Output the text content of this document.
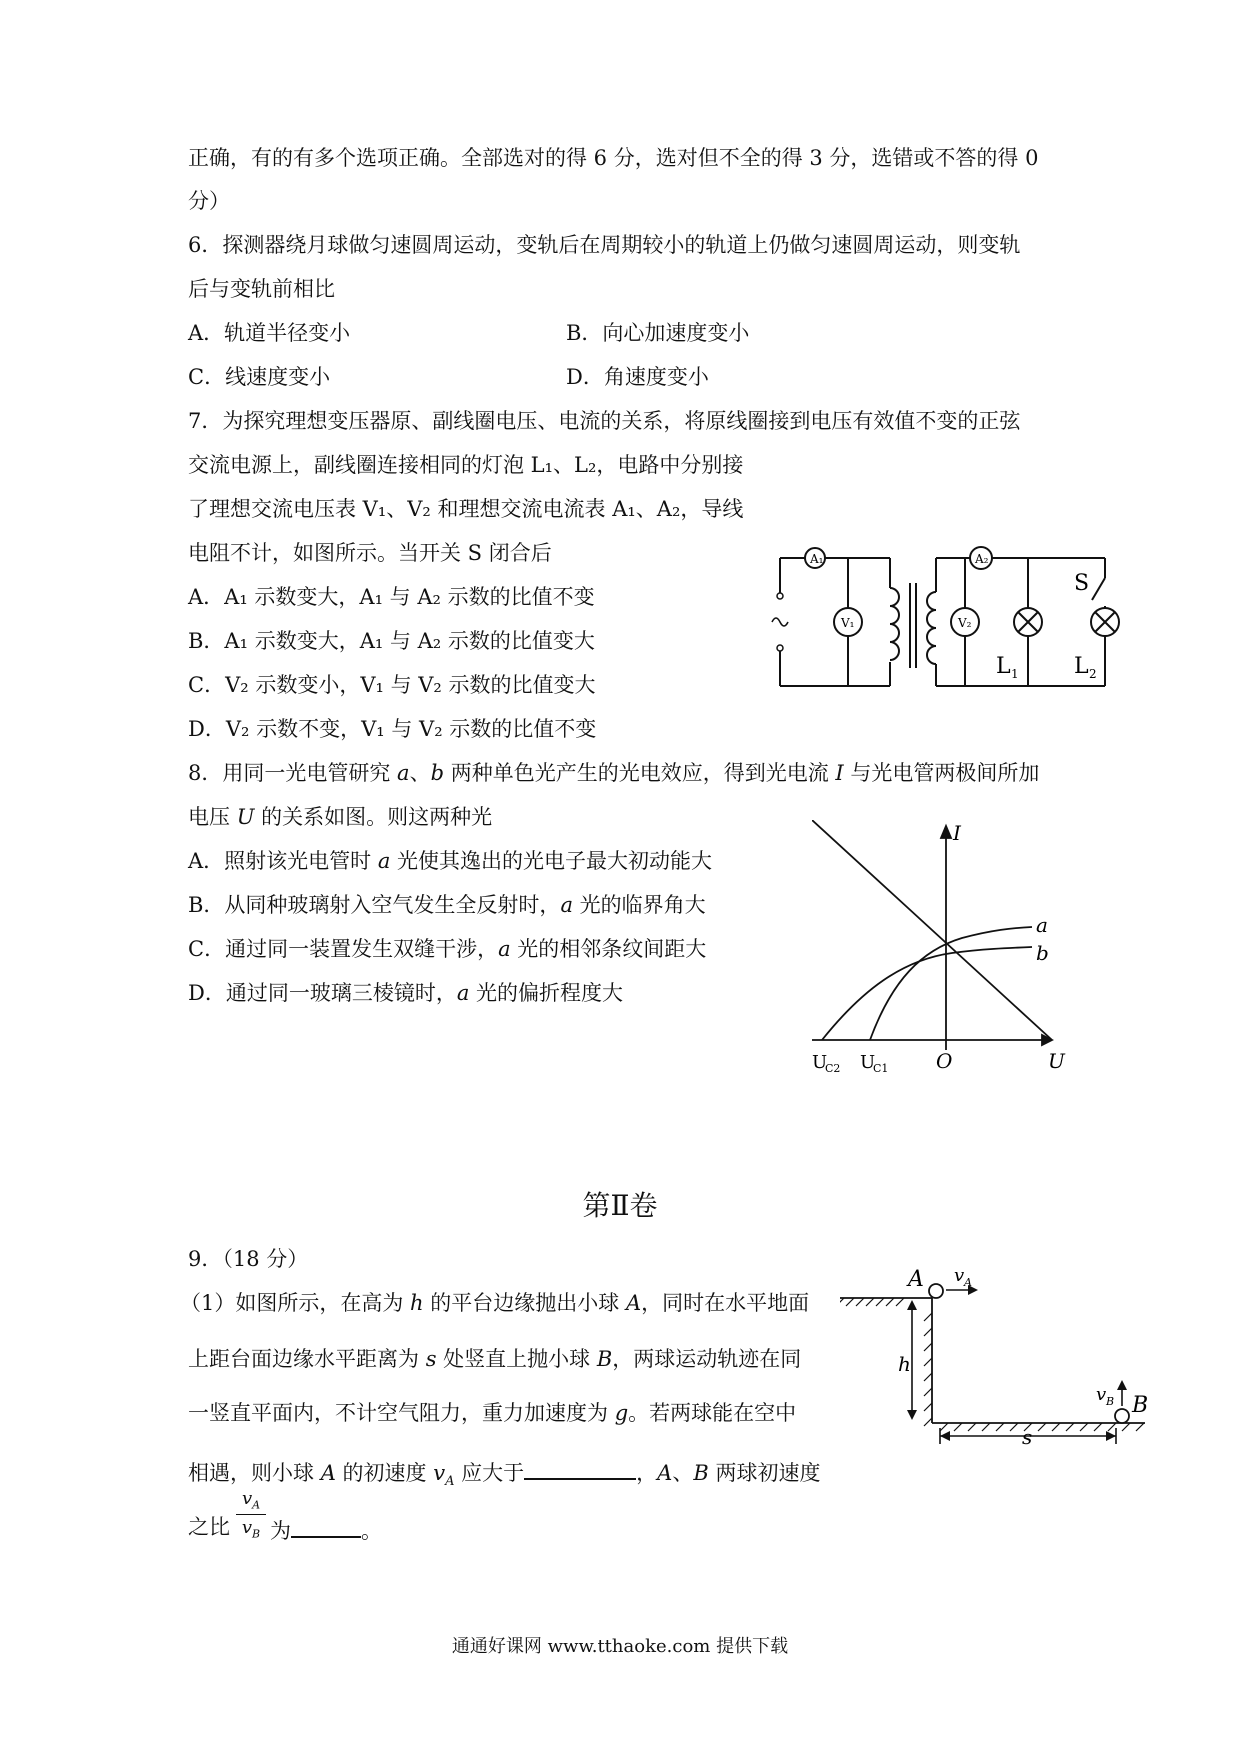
正确，有的有多个选项正确。全部选对的得 6 分，选对但不全的得 3 分，选错或不答的得 0
分）
6．探测器绕月球做匀速圆周运动，变轨后在周期较小的轨道上仍做匀速圆周运动，则变轨
后与变轨前相比
A．轨道半径变小	B．向心加速度变小
C．线速度变小	D．角速度变小
7．为探究理想变压器原、副线圈电压、电流的关系，将原线圈接到电压有效值不变的正弦
交流电源上，副线圈连接相同的灯泡 L₁、L₂，电路中分别接
了理想交流电压表 V₁、V₂ 和理想交流电流表 A₁、A₂，导线
电阻不计，如图所示。当开关 S 闭合后
A．A₁ 示数变大，A₁ 与 A₂ 示数的比值不变
B．A₁ 示数变大，A₁ 与 A₂ 示数的比值变大
C．V₂ 示数变小，V₁ 与 V₂ 示数的比值变大
D．V₂ 示数不变，V₁ 与 V₂ 示数的比值不变
A₁
V₁
A₂
V₂
S
L 1	L 2
8．用同一光电管研究 a、b 两种单色光产生的光电效应，得到光电流 I 与光电管两极间所加
电压 U 的关系如图。则这两种光
A．照射该光电管时 a 光使其逸出的光电子最大初动能大
B．从同种玻璃射入空气发生全反射时，a 光的临界角大
C．通过同一装置发生双缝干涉，a 光的相邻条纹间距大
D．通过同一玻璃三棱镜时，a 光的偏折程度大
I
U
O
a
b
U
C2 U
C1
第Ⅱ卷
9．（18 分）
（1）如图所示，在高为 h 的平台边缘抛出小球 A，同时在水平地面
上距台面边缘水平距离为 s 处竖直上抛小球 B，两球运动轨迹在同
一竖直平面内，不计空气阻力，重力加速度为 g。若两球能在空中
相遇，则小球 A 的初速度 $v_A$ 应大于	，A、B 两球初速度
之比
$v_A$
$v_B$ 为	。
A v A
B
v B
h
s
通通好课网 www.tthaoke.com 提供下载
